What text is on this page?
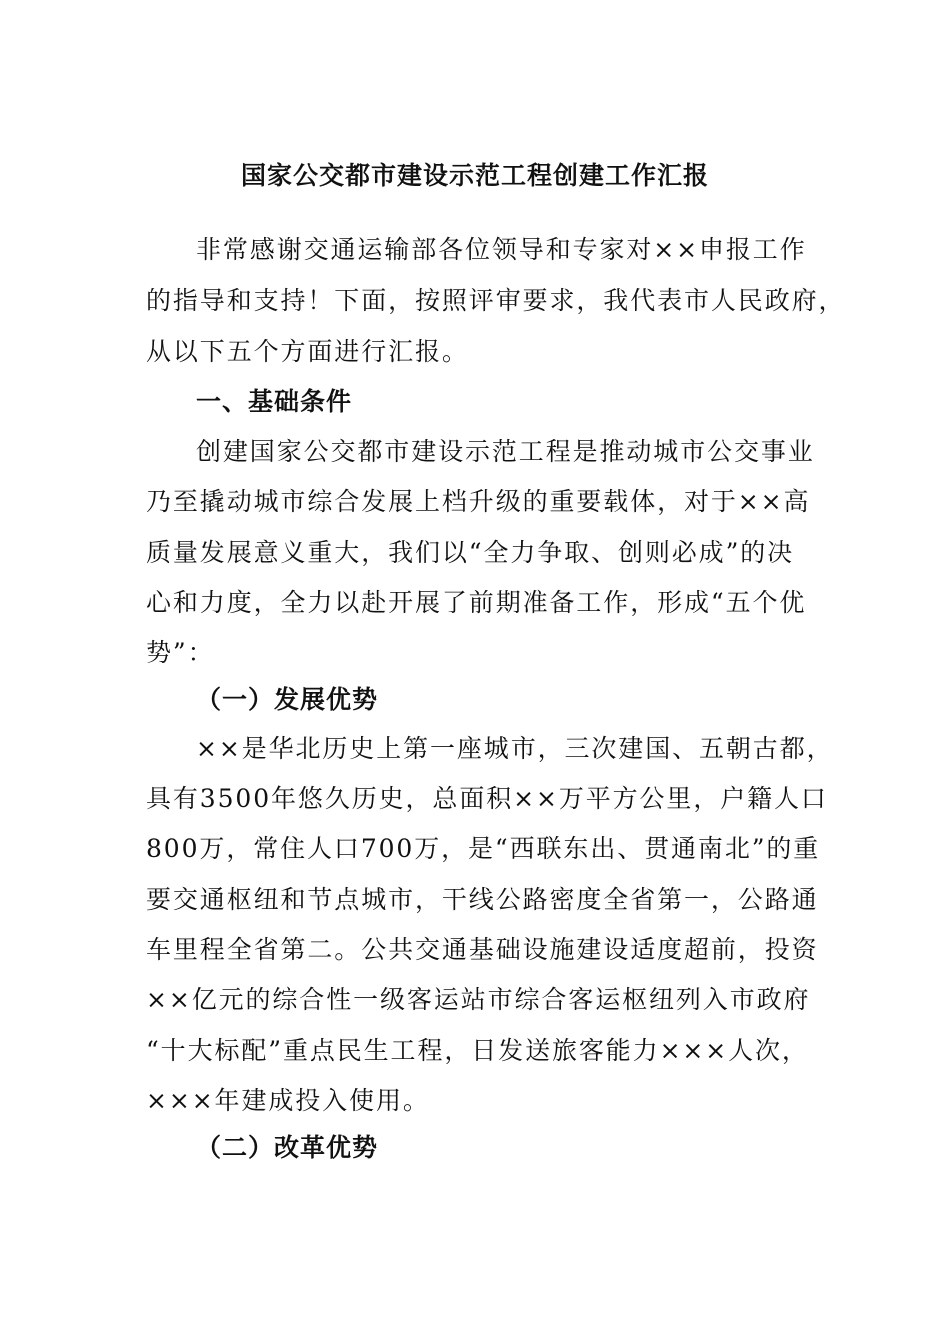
国家公交都市建设示范工程创建工作汇报
非常感谢交通运输部各位领导和专家对××申报工作
的指导和支持！下面，按照评审要求，我代表市人民政府，
从以下五个方面进行汇报。
一、基础条件
创建国家公交都市建设示范工程是推动城市公交事业
乃至撬动城市综合发展上档升级的重要载体，对于××高
质量发展意义重大，我们以“全力争取、创则必成”的决
心和力度，全力以赴开展了前期准备工作，形成“五个优
势”：
（一）发展优势
××是华北历史上第一座城市，三次建国、五朝古都，
具有3500年悠久历史，总面积××万平方公里，户籍人口
800万，常住人口700万，是“西联东出、贯通南北”的重
要交通枢纽和节点城市，干线公路密度全省第一，公路通
车里程全省第二。公共交通基础设施建设适度超前，投资
××亿元的综合性一级客运站市综合客运枢纽列入市政府
“十大标配”重点民生工程，日发送旅客能力×××人次，
×××年建成投入使用。
（二）改革优势
